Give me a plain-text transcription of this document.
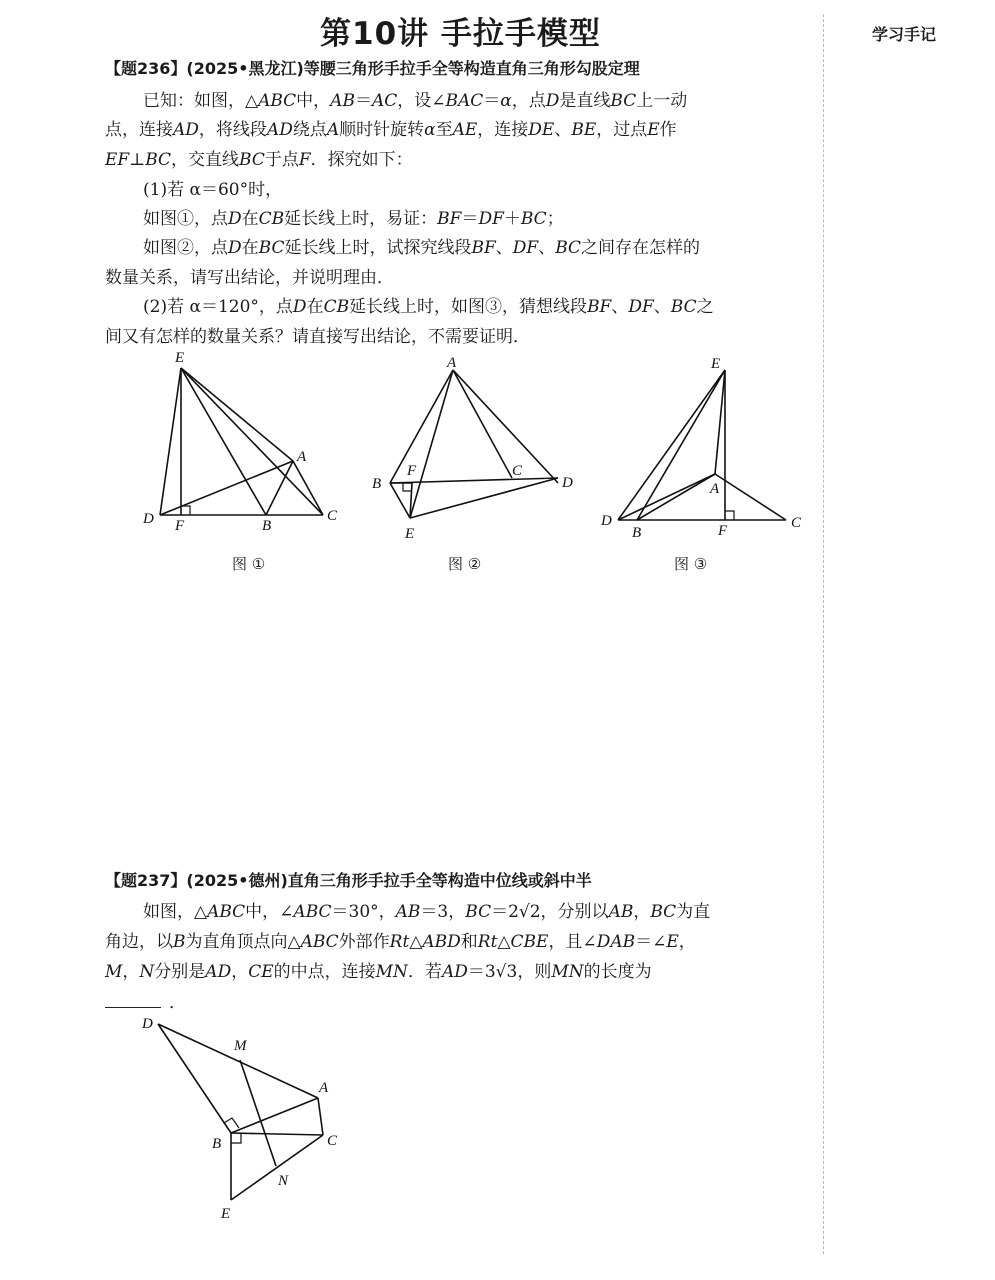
第10讲 手拉手模型	学习手记
【题236】(2025•黑龙江)等腰三角形手拉手全等构造直角三角形勾股定理
已知：如图，△ABC中，AB＝AC，设∠BAC＝α，点D是直线BC上一动
点，连接AD，将线段AD绕点A顺时针旋转α至AE，连接DE、BE，过点E作
EF⊥BC，交直线BC于点F．探究如下：
(1)若 α＝60°时，
如图①，点D在CB延长线上时，易证：BF＝DF＋BC；
如图②，点D在BC延长线上时，试探究线段BF、DF、BC之间存在怎样的
数量关系，请写出结论，并说明理由．
(2)若 α＝120°，点D在CB延长线上时，如图③，猜想线段BF、DF、BC之
间又有怎样的数量关系？请直接写出结论，不需要证明．
E
A
D F	B
C
A
F	C
B	D
E
E
A
D
B	F	C
图 ①	图 ②	图 ③
【题237】(2025•德州)直角三角形手拉手全等构造中位线或斜中半
如图，△ABC中，∠ABC＝30°，AB＝3，BC＝2√2，分别以AB，BC为直
角边，以B为直角顶点向△ABC外部作Rt△ABD和Rt△CBE，且∠DAB＝∠E，
M，N分别是AD，CE的中点，连接MN．若AD＝3√3，则MN的长度为
．
D
M
A
B	C
N
E
